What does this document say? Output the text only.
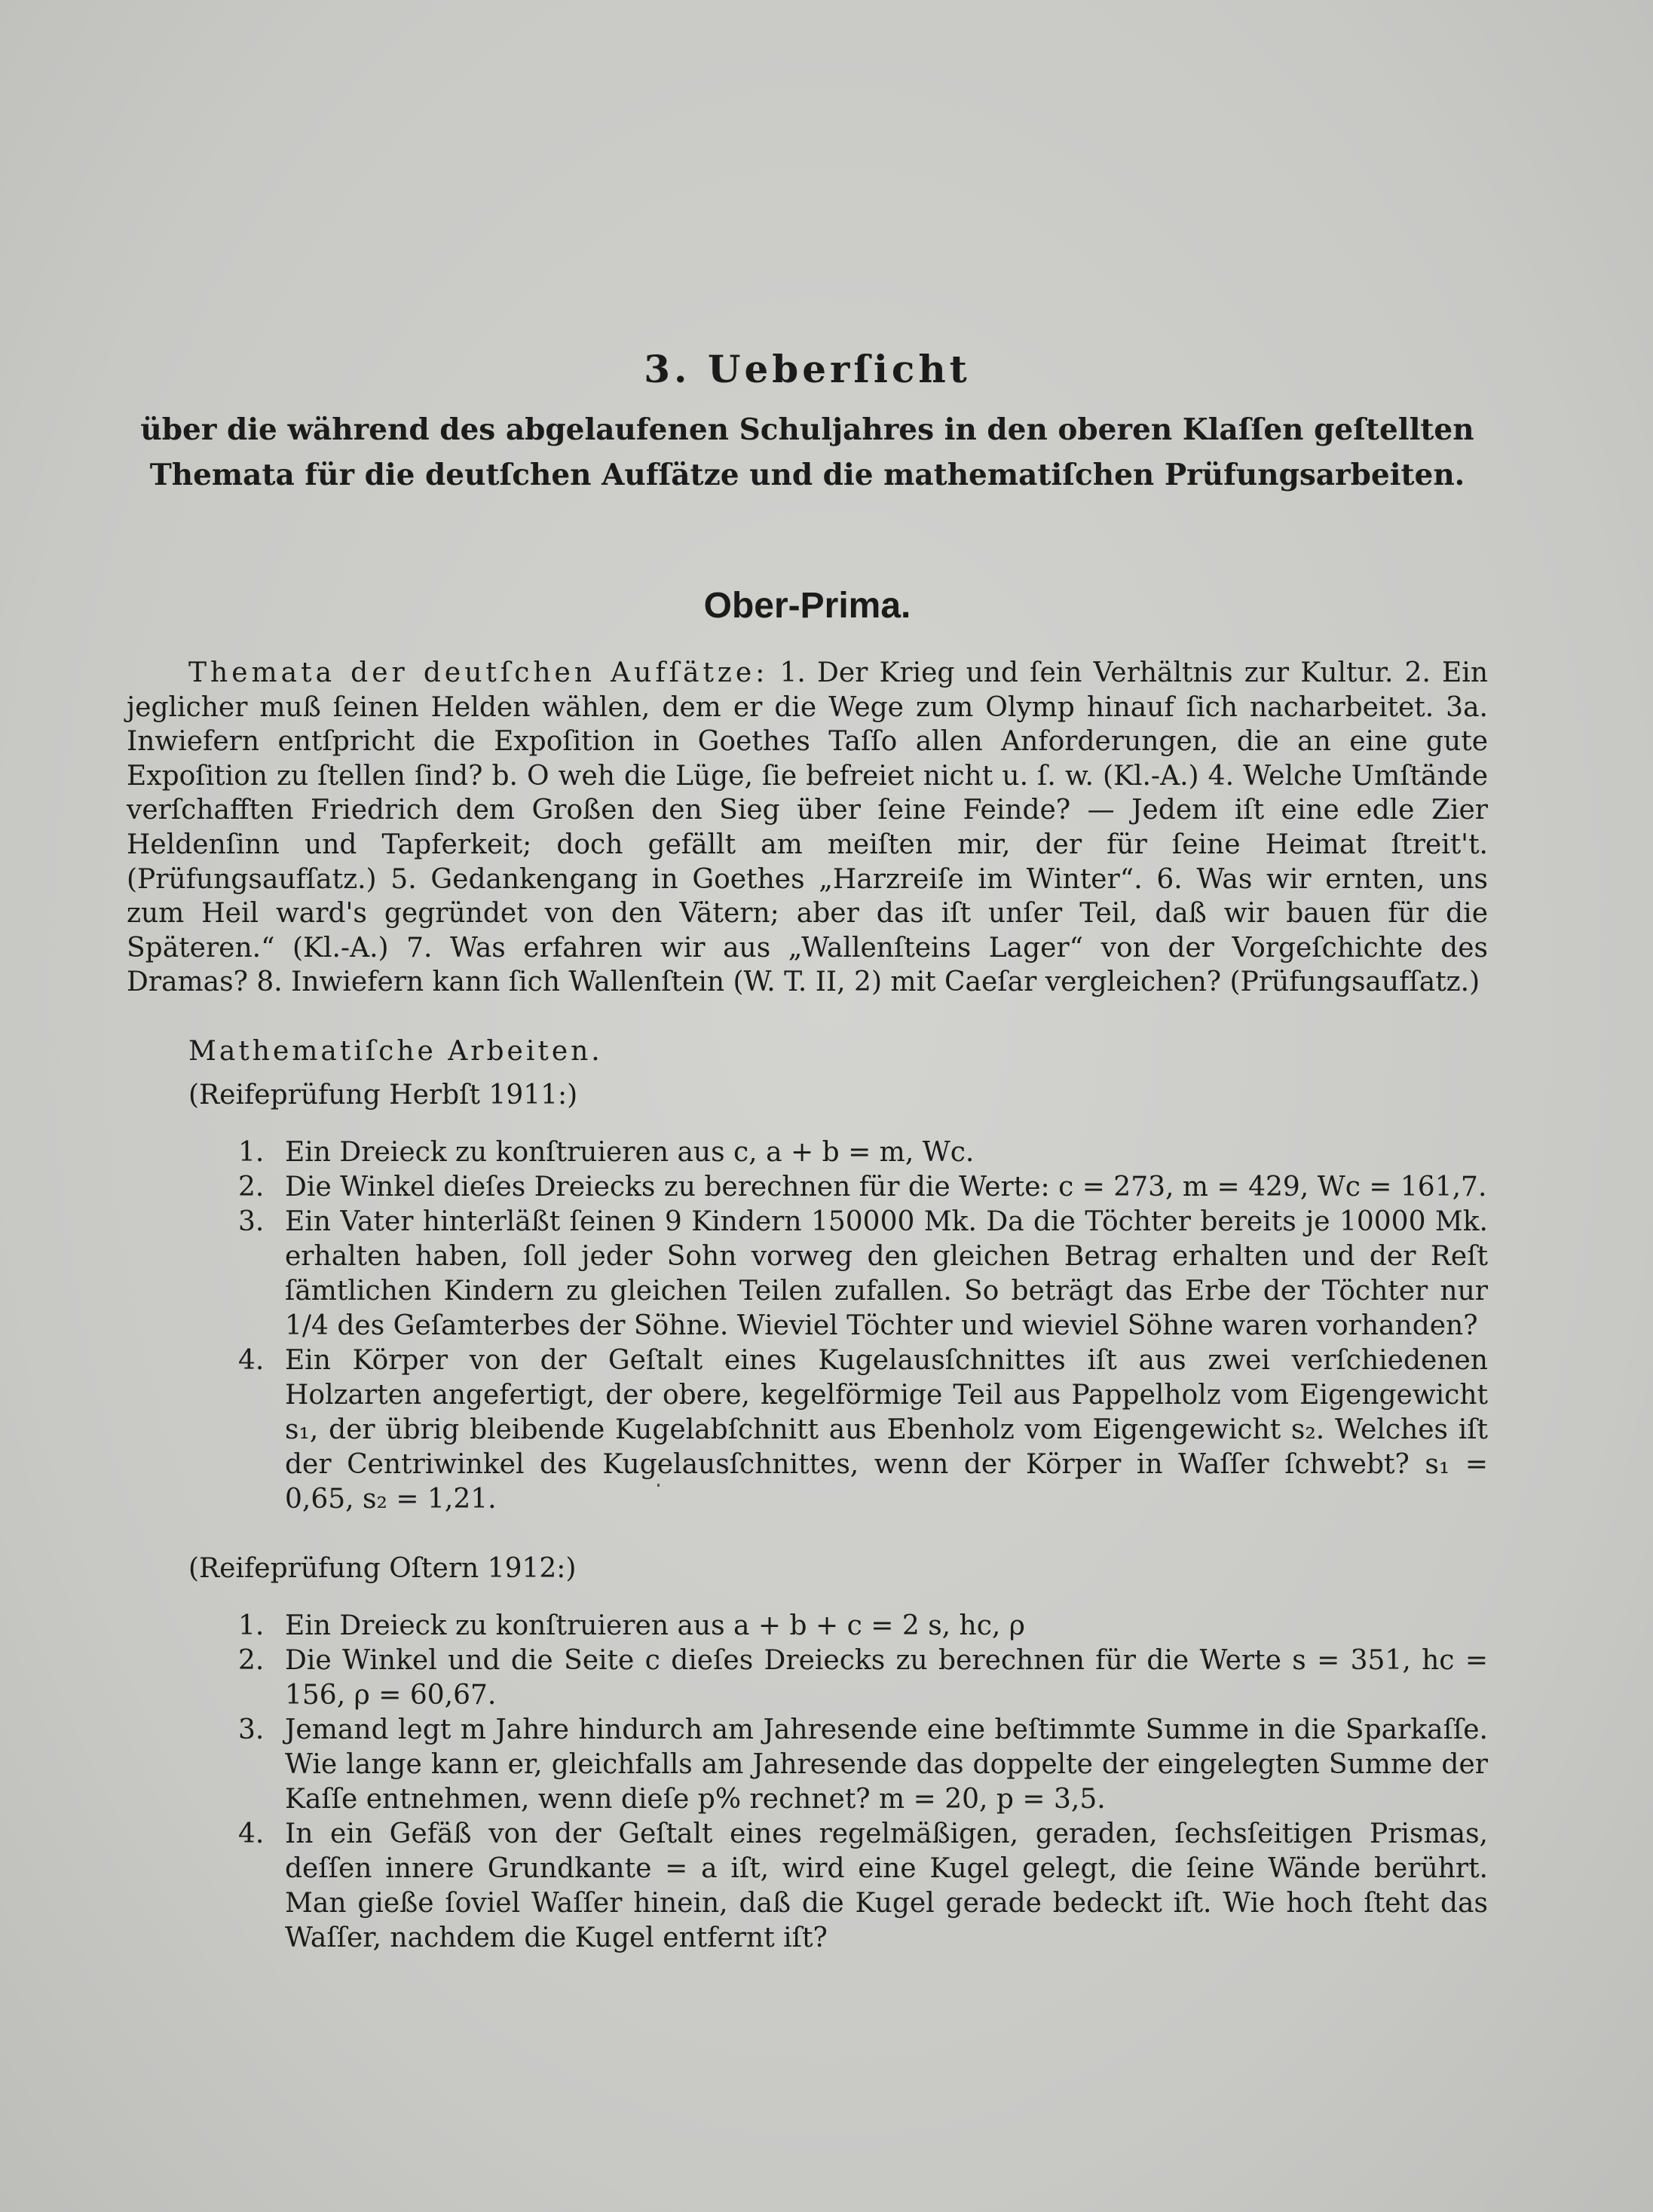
3. Ueberſicht
über die während des abgelaufenen Schuljahres in den oberen Klaſſen geſtellten
Themata für die deutſchen Aufſätze und die mathematiſchen Prüfungsarbeiten.
Ober-Prima.

Themata der deutſchen Aufſätze: 1. Der Krieg und ſein Verhältnis zur Kultur. 2. Ein jeglicher muß ſeinen Helden wählen, dem er die Wege zum Olymp hinauf ſich nacharbeitet. 3a. Inwiefern entſpricht die Expoſition in Goethes Taſſo allen Anforderungen, die an eine gute Expoſition zu ſtellen ſind? b. O weh die Lüge, ſie befreiet nicht u. ſ. w. (Kl.-A.) 4. Welche Umſtände verſchafften Friedrich dem Großen den Sieg über ſeine Feinde? — Jedem iſt eine edle Zier Heldenſinn und Tapferkeit; doch gefällt am meiſten mir, der für ſeine Heimat ſtreit't. (Prüfungsaufſatz.) 5. Gedankengang in Goethes „Harzreiſe im Winter“. 6. Was wir ernten, uns zum Heil ward's gegründet von den Vätern; aber das iſt unſer Teil, daß wir bauen für die Späteren.“ (Kl.-A.) 7. Was erfahren wir aus „Wallenſteins Lager“ von der Vorgeſchichte des Dramas? 8. Inwiefern kann ſich Wallenſtein (W. T. II, 2) mit Caeſar vergleichen? (Prüfungsaufſatz.)

Mathematiſche Arbeiten.
(Reifeprüfung Herbſt 1911:)
1. Ein Dreieck zu konſtruieren aus c, a + b = m, Wc.
2. Die Winkel dieſes Dreiecks zu berechnen für die Werte: c = 273, m = 429, Wc = 161,7.
3. Ein Vater hinterläßt ſeinen 9 Kindern 150000 Mk. Da die Töchter bereits je 10000 Mk. erhalten haben, ſoll jeder Sohn vorweg den gleichen Betrag erhalten und der Reſt ſämtlichen Kindern zu gleichen Teilen zufallen. So beträgt das Erbe der Töchter nur 1/4 des Geſamterbes der Söhne. Wieviel Töchter und wieviel Söhne waren vorhanden?
4. Ein Körper von der Geſtalt eines Kugelausſchnittes iſt aus zwei verſchiedenen Holzarten angefertigt, der obere, kegelförmige Teil aus Pappelholz vom Eigengewicht s₁, der übrig bleibende Kugelabſchnitt aus Ebenholz vom Eigengewicht s₂. Welches iſt der Centriwinkel des Kugelausſchnittes, wenn der Körper in Waſſer ſchwebt? s₁ = 0,65, s₂ = 1,21.
(Reifeprüfung Oſtern 1912:)
1. Ein Dreieck zu konſtruieren aus a + b + c = 2 s, hc, ρ
2. Die Winkel und die Seite c dieſes Dreiecks zu berechnen für die Werte s = 351, hc = 156, ρ = 60,67.
3. Jemand legt m Jahre hindurch am Jahresende eine beſtimmte Summe in die Sparkaſſe. Wie lange kann er, gleichfalls am Jahresende das doppelte der eingelegten Summe der Kaſſe entnehmen, wenn dieſe p% rechnet? m = 20, p = 3,5.
4. In ein Gefäß von der Geſtalt eines regelmäßigen, geraden, ſechsſeitigen Prismas, deſſen innere Grundkante = a iſt, wird eine Kugel gelegt, die ſeine Wände berührt. Man gieße ſoviel Waſſer hinein, daß die Kugel gerade bedeckt iſt. Wie hoch ſteht das Waſſer, nachdem die Kugel entfernt iſt?
